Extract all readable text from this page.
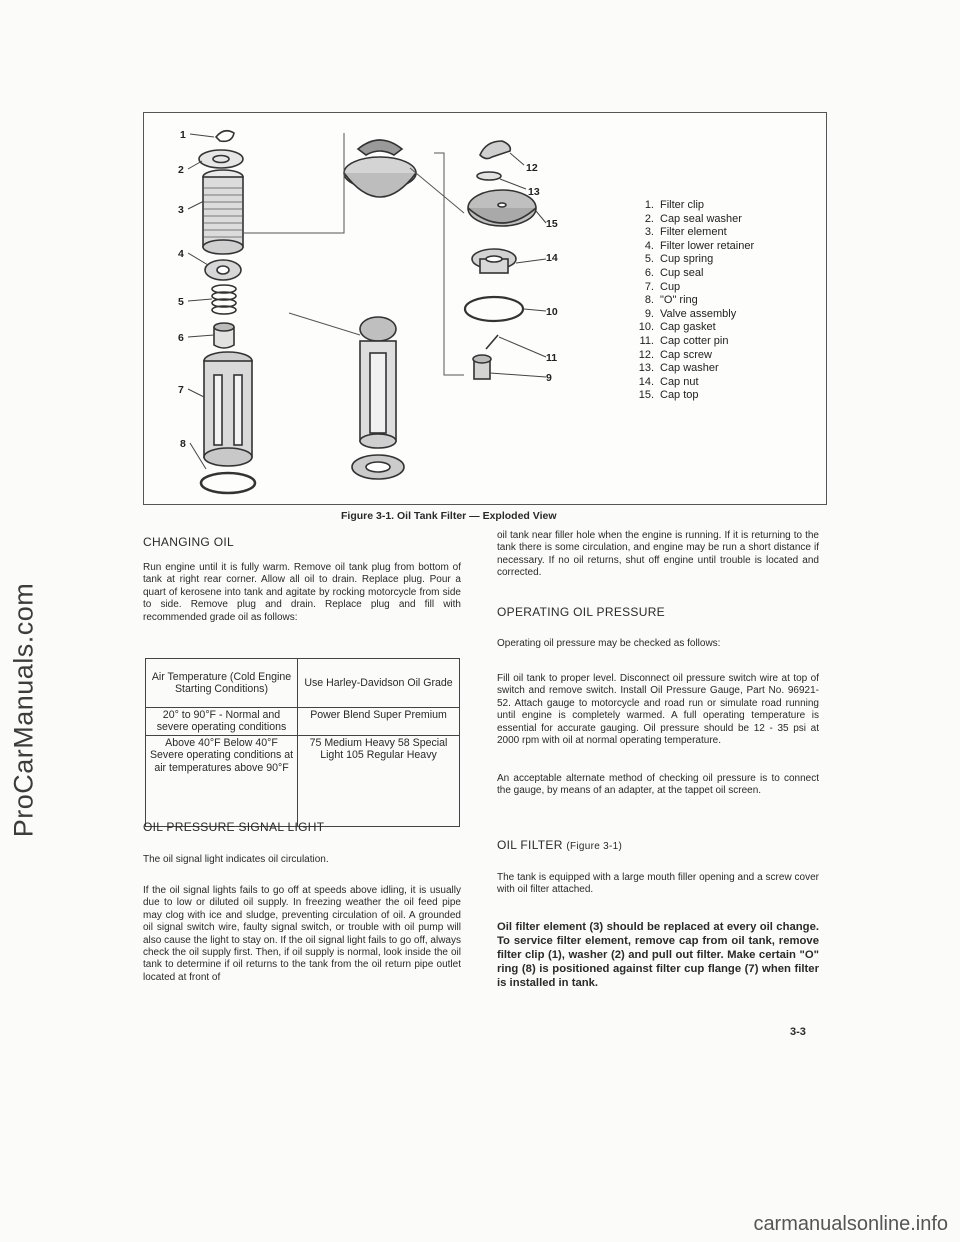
ProCarManuals.com
1
2
3
4
5
6
7
8
12
13
15
14
10
11
9
1. Filter clip
2. Cap seal washer
3. Filter element
4. Filter lower retainer
5. Cup spring
6. Cup seal
7. Cup
8. "O" ring
9. Valve assembly
10. Cap gasket
11. Cap cotter pin
12. Cap screw
13. Cap washer
14. Cap nut
15. Cap top
Figure 3-1. Oil Tank Filter — Exploded View
CHANGING OIL

Run engine until it is fully warm. Remove oil tank plug from bottom of tank at right rear corner. Allow all oil to drain. Replace plug. Pour a quart of kerosene into tank and agitate by rocking motorcycle from side to side. Remove plug and drain. Replace plug and fill with recommended grade oil as follows:

Air Temperature (Cold Engine Starting Conditions)	Use Harley-Davidson Oil Grade
20° to 90°F - Normal and severe operating conditions	Power Blend Super Premium
Above 40°F Below 40°F Severe operating conditions at air temperatures above 90°F	75 Medium Heavy 58 Special Light 105 Regular Heavy
OIL PRESSURE SIGNAL LIGHT

The oil signal light indicates oil circulation.

If the oil signal lights fails to go off at speeds above idling, it is usually due to low or diluted oil supply. In freezing weather the oil feed pipe may clog with ice and sludge, preventing circulation of oil. A grounded oil signal switch wire, faulty signal switch, or trouble with oil pump will also cause the light to stay on. If the oil signal light fails to go off, always check the oil supply first. Then, if oil supply is normal, look inside the oil tank to determine if oil returns to the tank from the oil return pipe outlet located at front of

oil tank near filler hole when the engine is running. If it is returning to the tank there is some circulation, and engine may be run a short distance if necessary. If no oil returns, shut off engine until trouble is located and corrected.

OPERATING OIL PRESSURE

Operating oil pressure may be checked as follows:

Fill oil tank to proper level. Disconnect oil pressure switch wire at top of switch and remove switch. Install Oil Pressure Gauge, Part No. 96921-52. Attach gauge to motorcycle and road run or simulate road running until engine is completely warmed. A full operating temperature is essential for accurate gauging. Oil pressure should be 12 - 35 psi at 2000 rpm with oil at normal operating temperature.

An acceptable alternate method of checking oil pressure is to connect the gauge, by means of an adapter, at the tappet oil screen.

OIL FILTER (Figure 3-1)

The tank is equipped with a large mouth filler opening and a screw cover with oil filter attached.

Oil filter element (3) should be replaced at every oil change. To service filter element, remove cap from oil tank, remove filter clip (1), washer (2) and pull out filter. Make certain "O" ring (8) is positioned against filter cup flange (7) when filter is installed in tank.

3-3
carmanualsonline.info
